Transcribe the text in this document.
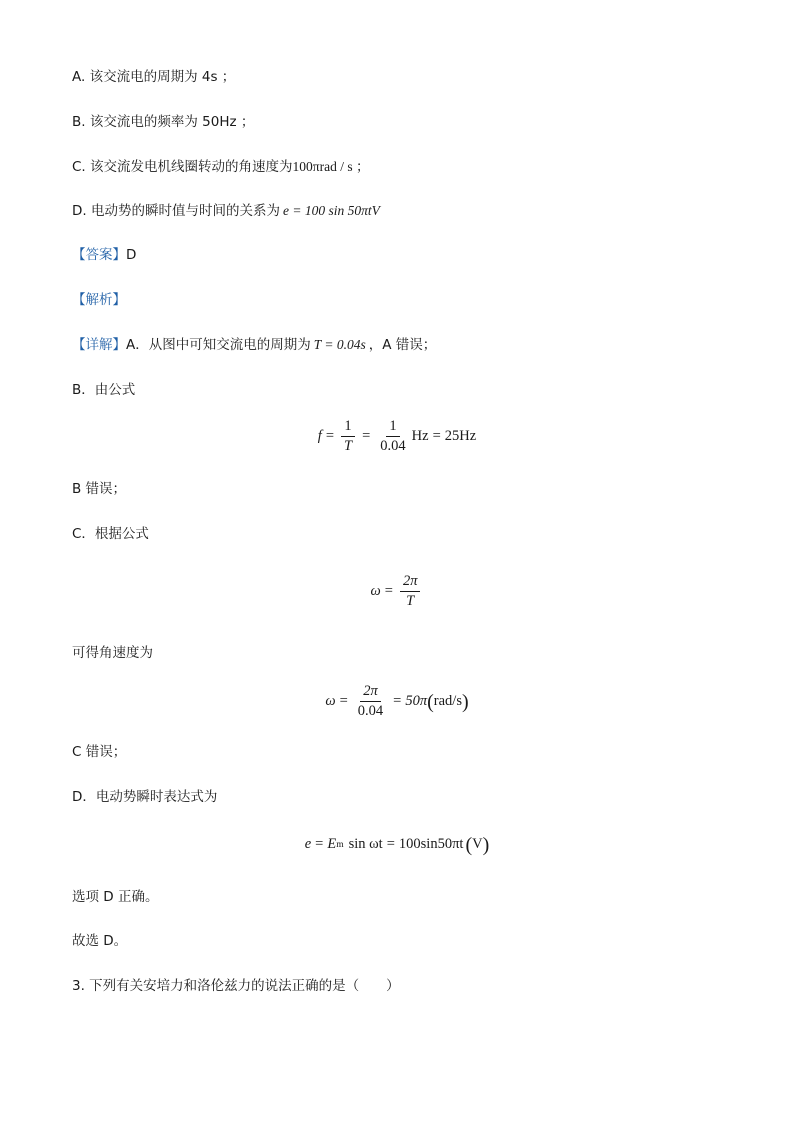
A. 该交流电的周期为 4s ；
B. 该交流电的频率为 50Hz ；
C. 该交流发电机线圈转动的角速度为100πrad / s ；
D. 电动势的瞬时值与时间的关系为 e = 100 sin 50πtV
【答案】D
【解析】
【详解】A．从图中可知交流电的周期为 T = 0.04s ，A 错误；
B．由公式
$f = \frac{1}{T} = \frac{1}{0.04}$ Hz = 25Hz
B 错误；
C．根据公式
$\omega = \frac{2\pi}{T}$
可得角速度为
$\omega = \frac{2\pi}{0.04} = 50\pi$ ( rad/s )
C 错误；
D．电动势瞬时表达式为
e = E m sin ωt = 100sin50πt ( V )
选项 D 正确。
故选 D。
3. 下列有关安培力和洛伦兹力的说法正确的是（　　）
